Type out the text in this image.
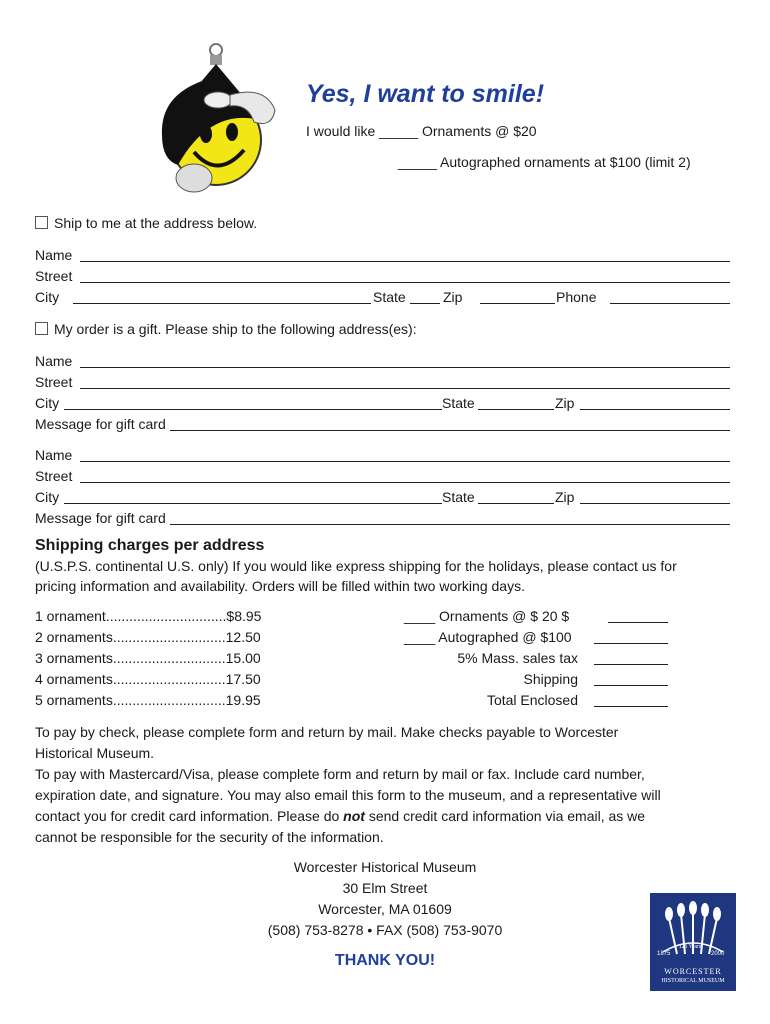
Yes, I want to smile!
I would like _____ Ornaments @ $20
_____ Autographed ornaments at $100 (limit 2)
Ship to me at the address below.
Name
Street
City	State	Zip	Phone
My order is a gift. Please ship to the following address(es):
Name
Street
City	State	Zip
Message for gift card
Name
Street
City	State	Zip
Message for gift card
Shipping charges per address
(U.S.P.S. continental U.S. only) If you would like express shipping for the holidays, please contact us for
pricing information and availability. Orders will be filled within two working days.
1 ornament...............................$8.95
2 ornaments.............................12.50
3 ornaments.............................15.00
4 ornaments.............................17.50
5 ornaments.............................19.95
____ Ornaments @ $ 20 $
____ Autographed @ $100
5% Mass. sales tax
Shipping
Total Enclosed
To pay by check, please complete form and return by mail. Make checks payable to Worcester
Historical Museum.
To pay with Mastercard/Visa, please complete form and return by mail or fax. Include card number,
expiration date, and signature. You may also email this form to the museum, and a representative will
contact you for credit card information. Please do not send credit card information via email, as we
cannot be responsible for the security of the information.
Worcester Historical Museum
30 Elm Street
Worcester, MA 01609
(508) 753-8278 • FAX (508) 753-9070
THANK YOU!
125 Years
1875	2000
WORCESTER
HISTORICAL MUSEUM
